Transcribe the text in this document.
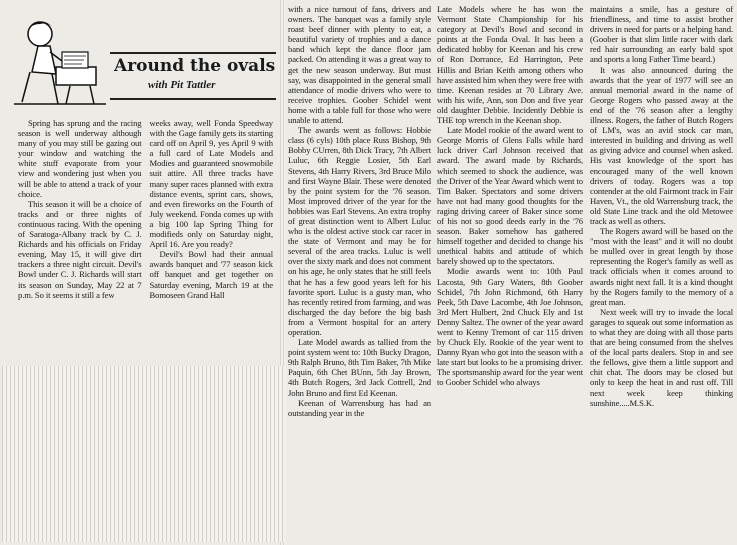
Around the ovals
with Pit Tattler

Spring has sprung and the racing season is well underway although many of you may still be gazing out your window and watching the white stuff evaporate from your view and wondering just when you will be able to attend a track of your choice.

This season it will be a choice of tracks and or three nights of continuous racing. With the opening of Saratoga-Albany track by C. J. Richards and his officials on Friday evening, May 15, it will give dirt trackers a three night circuit. Devil's Bowl under C. J. Richards will start its season on Sunday, May 22 at 7 p.m. So it seems it still a few

weeks away, well Fonda Speedway with the Gage family gets its starting card off on April 9, yes April 9 with a full card of Late Models and Modies and guaranteed snowmobile suit attire. All three tracks have many super races planned with extra distance events, sprint cars, shows, and even fireworks on the Fourth of July weekend. Fonda comes up with a big 100 lap Spring Thing for modifieds only on Saturday night, April 16. Are you ready?

Devil's Bowl had their annual awards banquet and '77 season kick off banquet and get together on Saturday evening, March 19 at the Bomoseen Grand Hall

with a nice turnout of fans, drivers and owners. The banquet was a family style roast beef dinner with plenty to eat, a beautiful variety of trophies and a dance band which kept the dance floor jam packed. On attending it was a great way to get the new season underway. But must say, was disappointed in the general small attendance of modie drivers who were to receive trophies. Goober Schidel went home with a table full for those who were unable to attend.

The awards went as follows: Hobbie class (6 cyls) 10th place Russ Bishop, 9th Bobby CUrren, 8th Dick Tracy, 7th Albert Luluc, 6th Reggie Losier, 5th Earl Stevens, 4th Harry Rivers, 3rd Bruce Milo and first Wayne Blair. These were denoted by the point system for the '76 season. Most improved driver of the year for the hobbies was Earl Stevens. An extra trophy of great distinction went to Albert Luluc who is the oldest active stock car racer in the state of Vermont and may be for several of the area tracks. Luluc is well over the sixty mark and does not comment on his age, he only states that he still feels that he has a few good years left for his favorite sport. Luluc is a gusty man, who has recently retired from farming, and was discharged the day before the big bash from a Vermont hospital for an artery operation.

Late Model awards as tallied from the point system went to: 10th Bucky Dragon, 9th Ralph Bruno, 8th Tim Baker, 7th Mike Paquin, 6th Chet BUnn, 5th Jay Brown, 4th Butch Rogers, 3rd Jack Cottrell, 2nd John Bruno and first Ed Keenan.

Keenan of Warrensburg has had an outstanding year in the

Late Models where he has won the Vermont State Championship for his category at Devil's Bowl and second in points at the Fonda Oval. It has been a dedicated hobby for Keenan and his crew of Ron Dorrance, Ed Harrington, Pete Hillis and Brian Keith among others who have assisted him when they were free with time. Keenan resides at 70 Library Ave. with his wife, Ann, son Don and five year old daughter Debbie. Incidently Debbie is THE top wrench in the Keenan shop.

Late Model rookie of the award went to George Morris of Glens Falls while hard luck driver Carl Johnson received that award. The award made by Richards, which seemed to shock the audience, was the Driver of the Year Award which went to Tim Baker. Spectators and some drivers have not had many good thoughts for the raging driving career of Baker since some of his not so good deeds early in the '76 season. Baker somehow has gathered himself together and decided to change his unethical habits and attitude of which barely showed up to the spectators.

Modie awards went to: 10th Paul Lacosta, 9th Gary Waters, 8th Goober Schidel, 7th John Richmond, 6th Harry Peek, 5th Dave Lacombe, 4th Joe Johnson, 3rd Mert Hulbert, 2nd Chuck Ely and 1st Denny Saltez. The owner of the year award went to Kenny Tremont of car 115 driven by Chuck Ely. Rookie of the year went to Danny Ryan who got into the season with a late start but looks to be a promising driver. The sportsmanship award for the year went to Goober Schidel who always

maintains a smile, has a gesture of friendliness, and time to assist brother drivers in need for parts or a helping hand. (Goober is that slim little racer with dark red hair surrounding an early bald spot and sports a long Father Time beard.)

It was also announced during the awards that the year of 1977 will see an annual memorial award in the name of George Rogers who passed away at the end of the '76 season after a lengthy illness. Rogers, the father of Butch Rogers of LM's, was an avid stock car man, interested in building and driving as well as giving advice and counsel when asked. His vast knowledge of the sport has encouraged many of the well known drivers of today. Rogers was a top contender at the old Fairmont track in Fair Haven, Vt., the old Warrensburg track, the old State Line track and the old Metowee track as well as others.

The Rogers award will be based on the "most with the least" and it will no doubt be mulled over in great length by those representing the Roger's family as well as track officials when it comes around to awards night next fall. It is a kind thought by the Rogers family to the memory of a great man.

Next week will try to invade the local garages to squeak out some information as to what they are doing with all those parts that are being consumed from the shelves of the local parts dealers. Stop in and see the fellows, give them a little support and chit chat. The doors may be closed but only to keep the heat in and rust off. Till next week keep thinking sunshine.....M.S.K.
